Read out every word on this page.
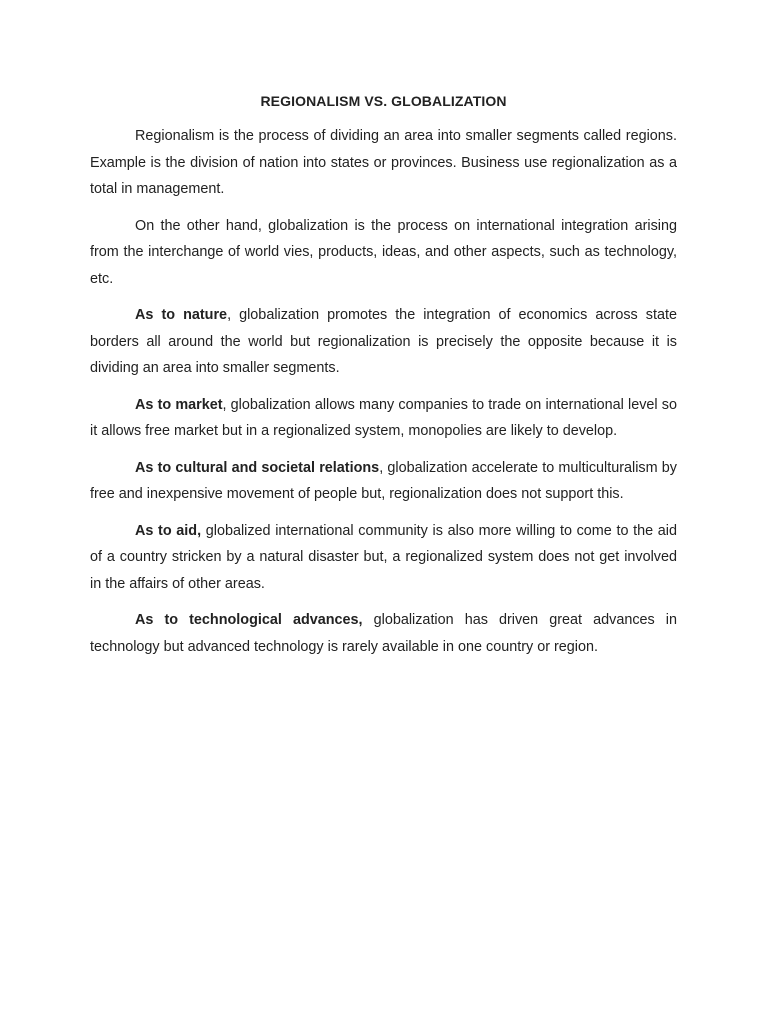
REGIONALISM VS. GLOBALIZATION

Regionalism is the process of dividing an area into smaller segments called regions. Example is the division of nation into states or provinces. Business use regionalization as a total in management.

On the other hand, globalization is the process on international integration arising from the interchange of world vies, products, ideas, and other aspects, such as technology, etc.

As to nature, globalization promotes the integration of economics across state borders all around the world but regionalization is precisely the opposite because it is dividing an area into smaller segments.

As to market, globalization allows many companies to trade on international level so it allows free market but in a regionalized system, monopolies are likely to develop.

As to cultural and societal relations, globalization accelerate to multiculturalism by free and inexpensive movement of people but, regionalization does not support this.

As to aid, globalized international community is also more willing to come to the aid of a country stricken by a natural disaster but, a regionalized system does not get involved in the affairs of other areas.

As to technological advances, globalization has driven great advances in technology but advanced technology is rarely available in one country or region.
